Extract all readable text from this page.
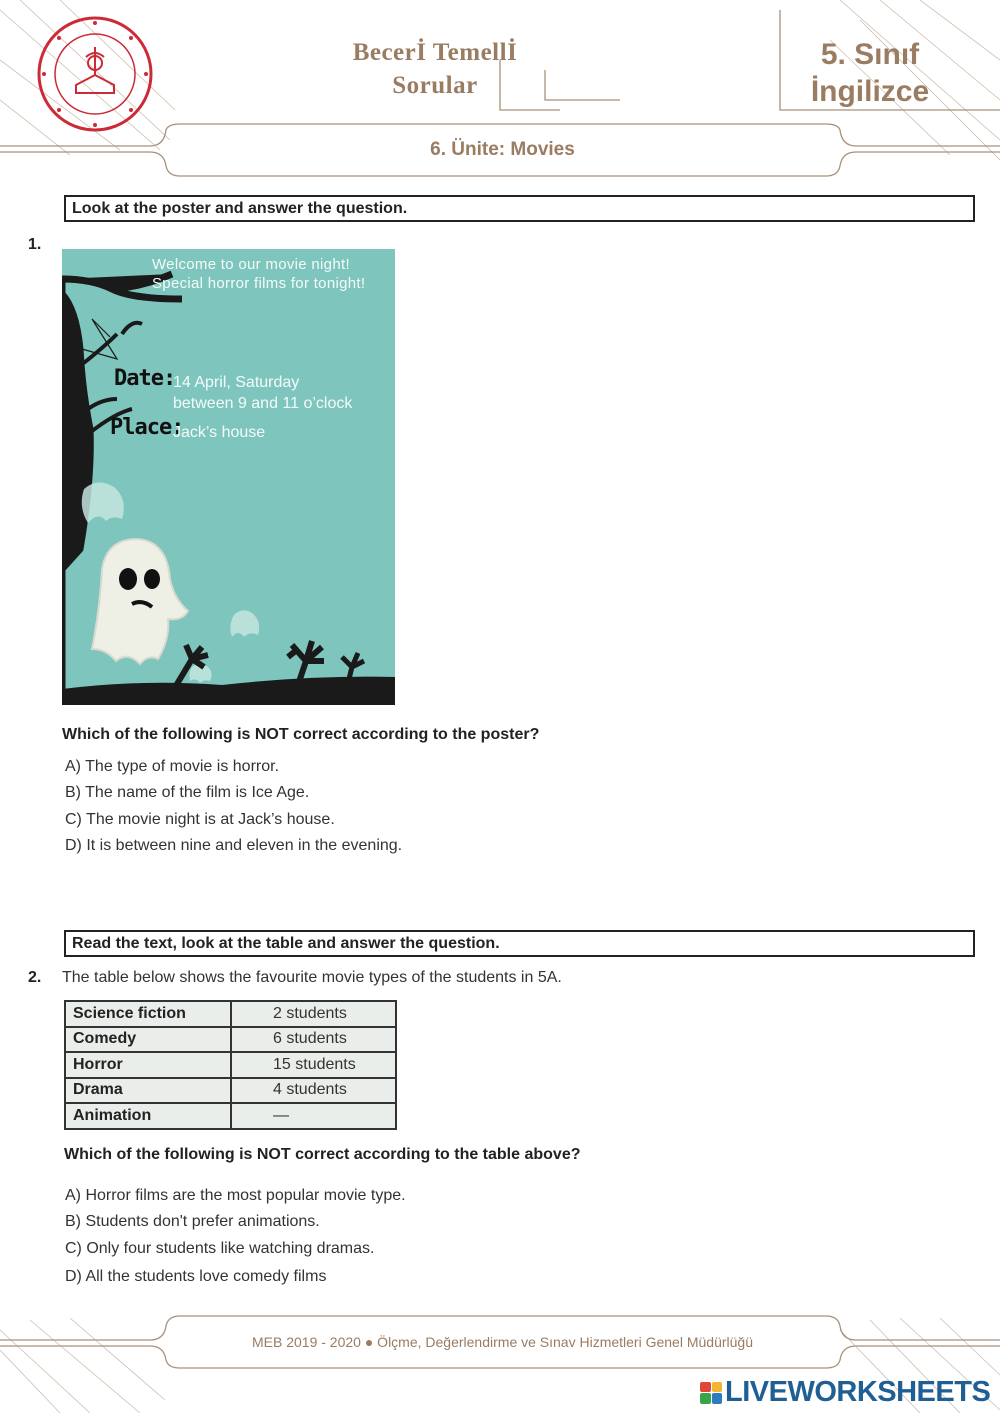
Becerİ Temellİ
Sorular
5. Sınıf
İngilizce
6. Ünite: Movies
Look at the poster and answer the question.
1.
Welcome to our movie night!
Special horror films for tonight!
Date:
14 April, Saturday
between 9 and 11 o’clock
Place:
Jack’s house
Which of the following is NOT correct according to the poster?
A) The type of movie is horror.
B) The name of the film is Ice Age.
C) The movie night is at Jack’s house.
D) It is between nine and eleven in the evening.
Read the text, look at the table and answer the question.
2. The table below shows the favourite movie types of the students in 5A.
Science fiction	2 students
Comedy	6 students
Horror	15 students
Drama	4 students
Animation	—
Which of the following is NOT correct according to the table above?
A) Horror films are the most popular movie type.
B) Students don't prefer animations.
C) Only four students like watching dramas.
D) All the students love comedy films
MEB 2019 - 2020 ● Ölçme, Değerlendirme ve Sınav Hizmetleri Genel Müdürlüğü
LIVEWORKSHEETS
